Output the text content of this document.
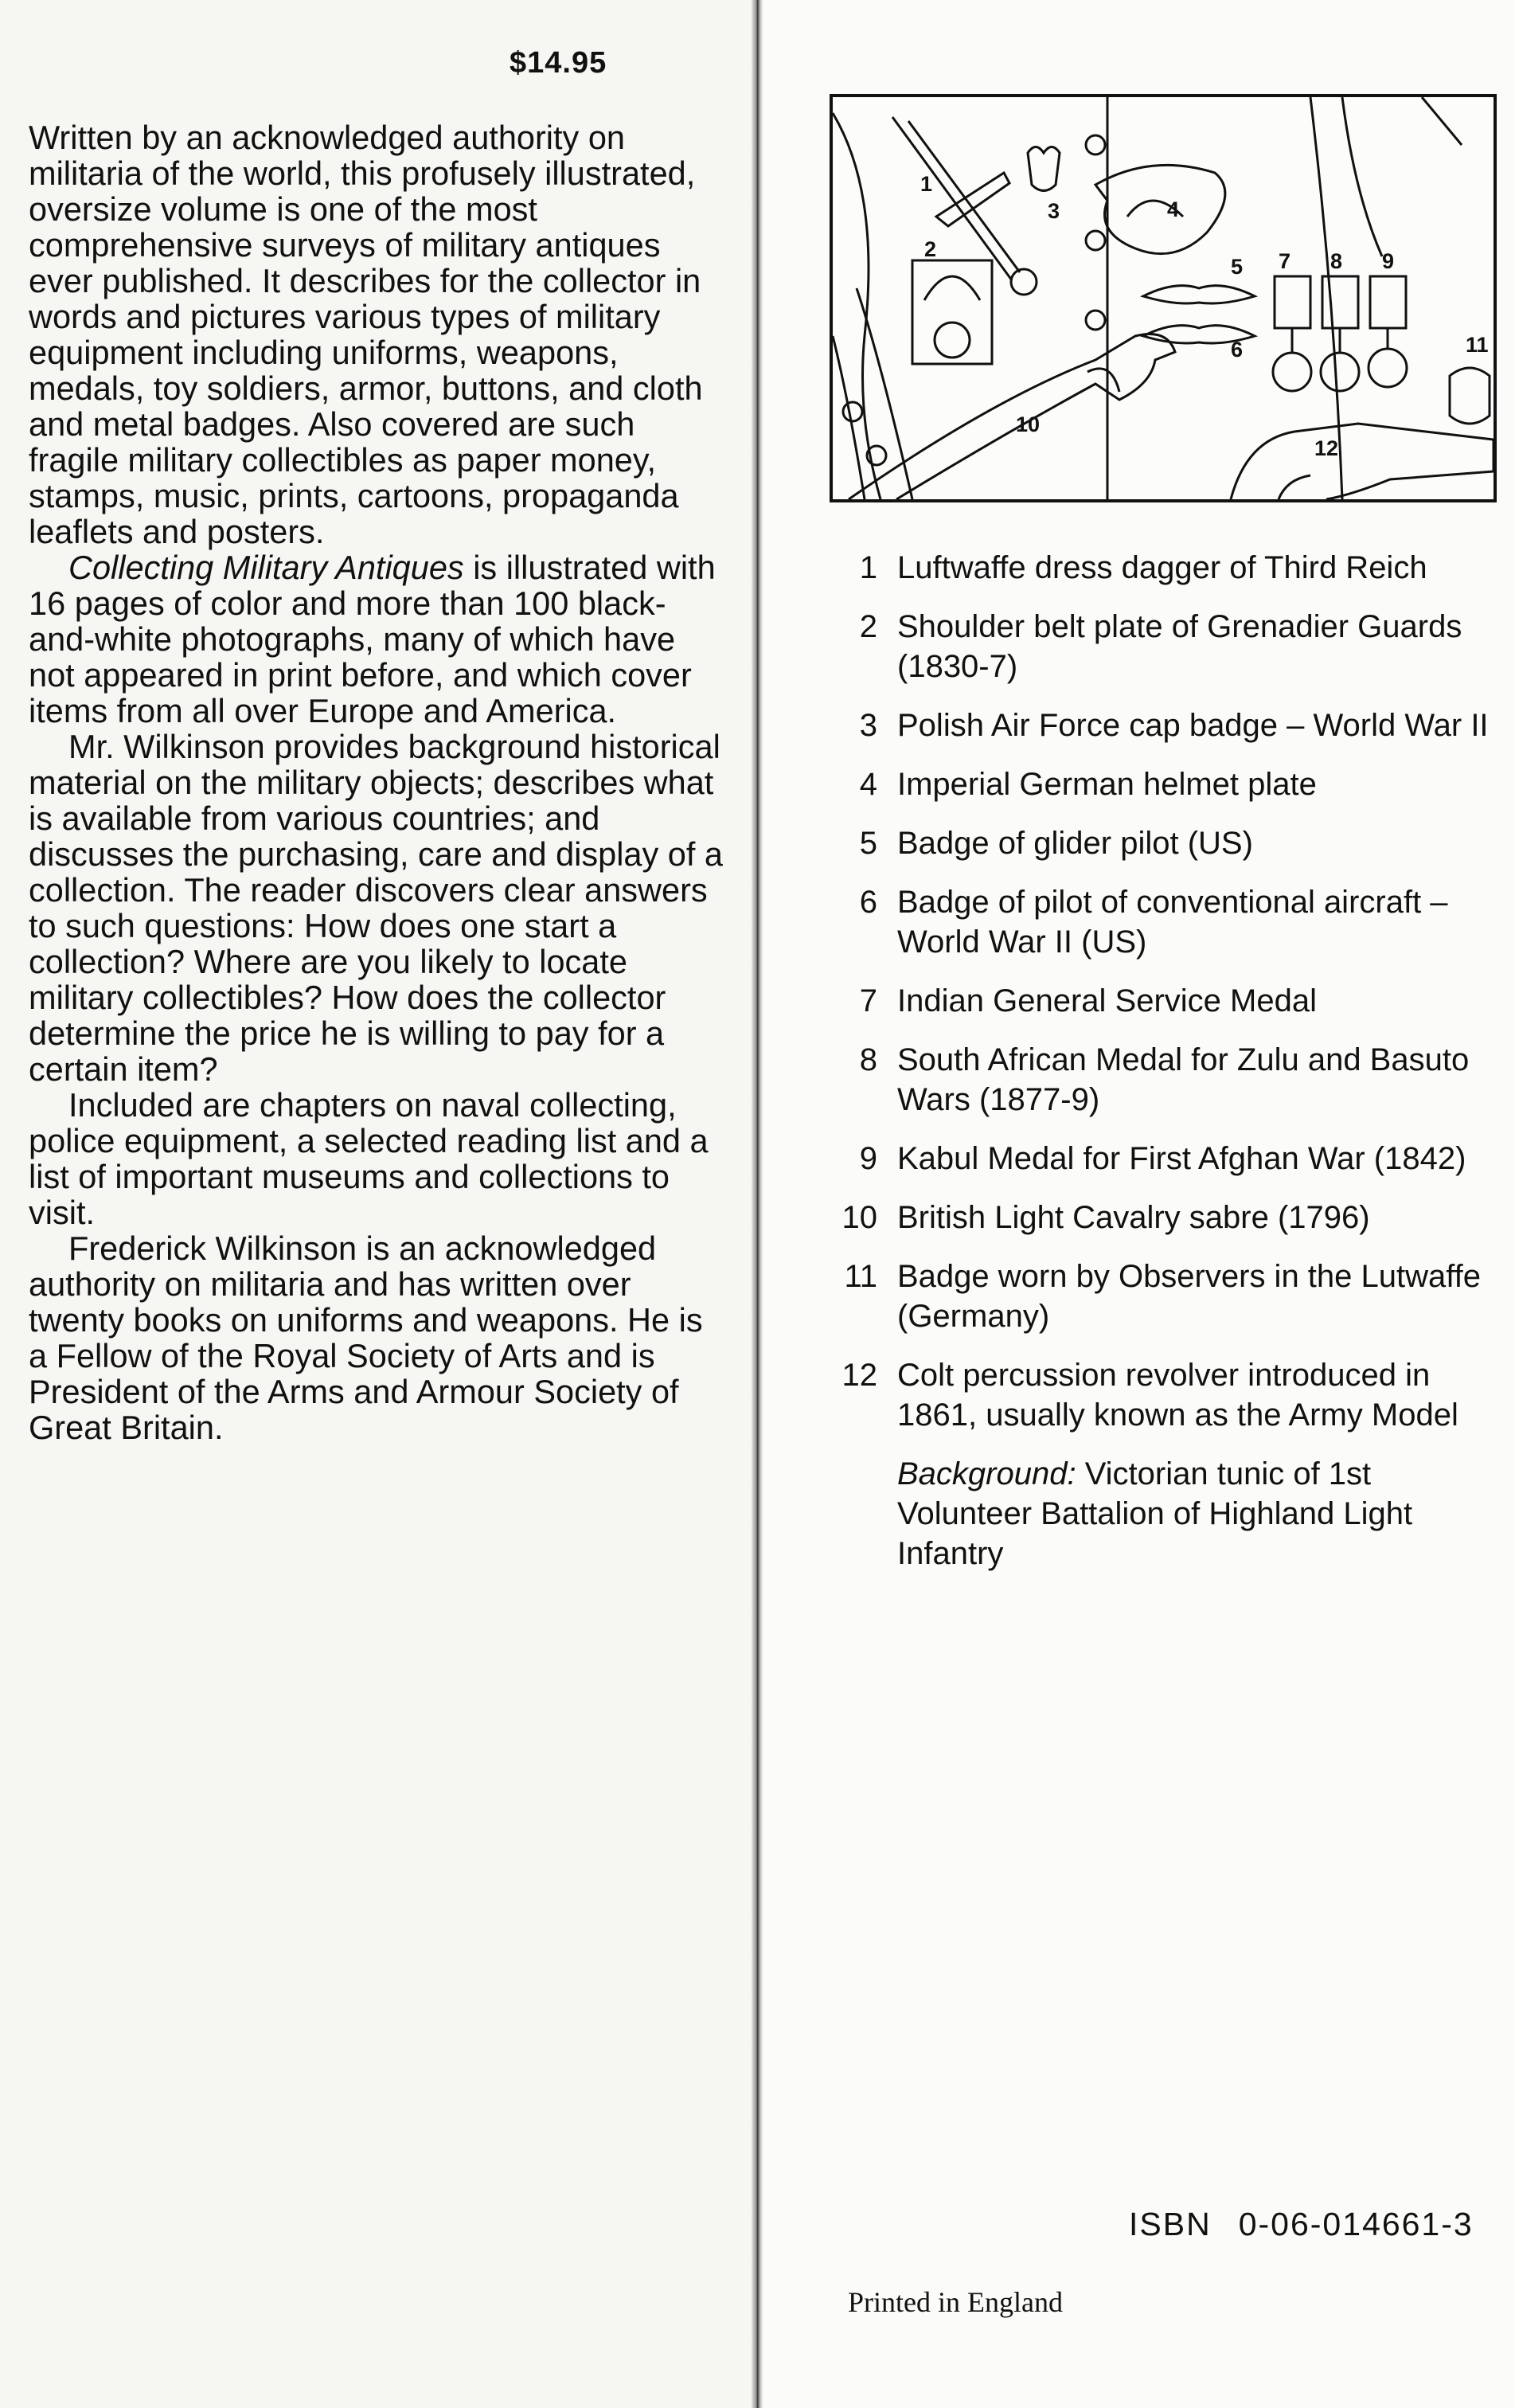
$14.95

Written by an acknowledged authority on militaria of the world, this profusely illustrated, oversize volume is one of the most comprehensive surveys of military antiques ever published. It describes for the collector in words and pictures various types of military equipment including uniforms, weapons, medals, toy soldiers, armor, buttons, and cloth and metal badges. Also covered are such fragile military collectibles as paper money, stamps, music, prints, cartoons, propaganda leaflets and posters.

Collecting Military Antiques is illustrated with 16 pages of color and more than 100 black-and-white photographs, many of which have not appeared in print before, and which cover items from all over Europe and America.

Mr. Wilkinson provides background historical material on the military objects; describes what is available from various countries; and discusses the purchasing, care and display of a collection. The reader discovers clear answers to such questions: How does one start a collection? Where are you likely to locate military collectibles? How does the collector determine the price he is willing to pay for a certain item?

Included are chapters on naval collecting, police equipment, a selected reading list and a list of important museums and collections to visit.

Frederick Wilkinson is an acknowledged authority on militaria and has written over twenty books on uniforms and weapons. He is a Fellow of the Royal Society of Arts and is President of the Arms and Armour Society of Great Britain.

1
2
3	4
5
6
7 8 9
10
11
12
1 Luftwaffe dress dagger of Third Reich
2 Shoulder belt plate of Grenadier Guards (1830-7)
3 Polish Air Force cap badge – World War II
4 Imperial German helmet plate
5 Badge of glider pilot (US)
6 Badge of pilot of conventional aircraft – World War II (US)
7 Indian General Service Medal
8 South African Medal for Zulu and Basuto Wars (1877-9)
9 Kabul Medal for First Afghan War (1842)
10 British Light Cavalry sabre (1796)
11 Badge worn by Observers in the Lutwaffe (Germany)
12 Colt percussion revolver introduced in 1861, usually known as the Army Model
Background: Victorian tunic of 1st Volunteer Battalion of Highland Light Infantry
ISBN 0-06-014661-3
Printed in England
